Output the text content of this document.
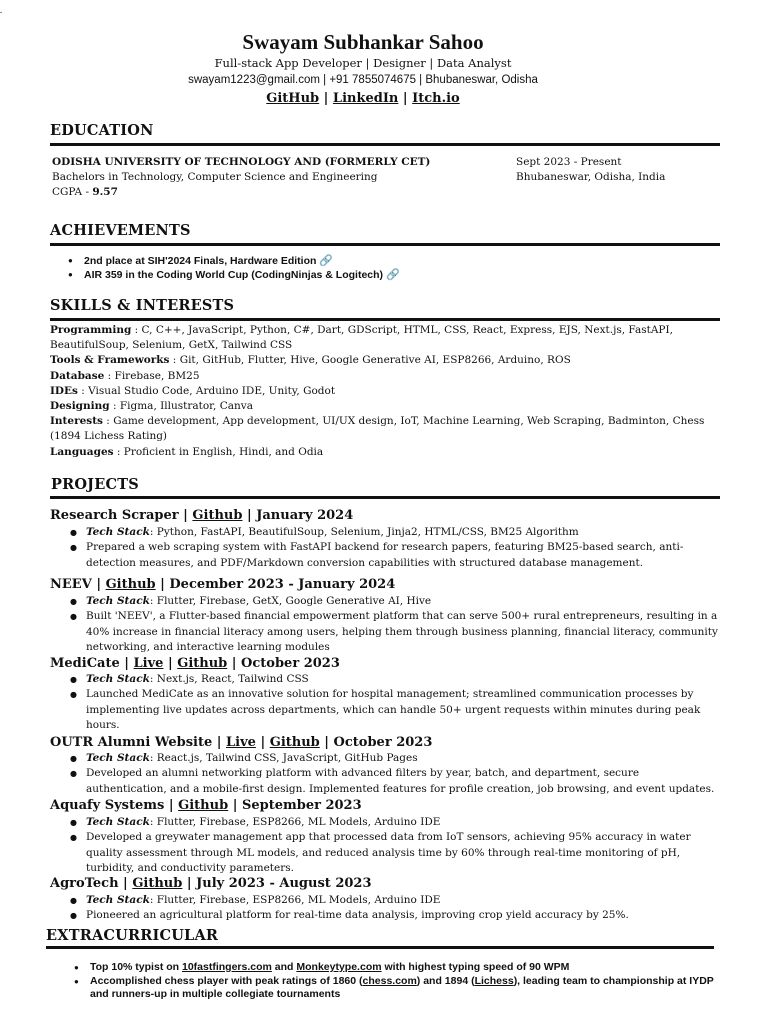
Swayam Subhankar Sahoo
Full-stack App Developer | Designer | Data Analyst
swayam1223@gmail.com | +91 7855074675 | Bhubaneswar, Odisha
GitHub | LinkedIn | Itch.io
EDUCATION
ODISHA UNIVERSITY OF TECHNOLOGY AND (FORMERLY CET)
Bachelors in Technology, Computer Science and Engineering
CGPA - 9.57
Sept 2023 - Present
Bhubaneswar, Odisha, India
ACHIEVEMENTS
● 2nd place at SIH'2024 Finals, Hardware Edition 🔗
● AIR 359 in the Coding World Cup (CodingNinjas & Logitech) 🔗
SKILLS & INTERESTS
Programming : C, C++, JavaScript, Python, C#, Dart, GDScript, HTML, CSS, React, Express, EJS, Next.js, FastAPI, BeautifulSoup, Selenium, GetX, Tailwind CSS
Tools & Frameworks : Git, GitHub, Flutter, Hive, Google Generative AI, ESP8266, Arduino, ROS
Database : Firebase, BM25
IDEs : Visual Studio Code, Arduino IDE, Unity, Godot
Designing : Figma, Illustrator, Canva
Interests : Game development, App development, UI/UX design, IoT, Machine Learning, Web Scraping, Badminton, Chess (1894 Lichess Rating)
Languages : Proficient in English, Hindi, and Odia
PROJECTS
Research Scraper | Github | January 2024
● Tech Stack: Python, FastAPI, BeautifulSoup, Selenium, Jinja2, HTML/CSS, BM25 Algorithm
● Prepared a web scraping system with FastAPI backend for research papers, featuring BM25-based search, anti-detection measures, and PDF/Markdown conversion capabilities with structured database management.
NEEV | Github | December 2023 - January 2024
● Tech Stack: Flutter, Firebase, GetX, Google Generative AI, Hive
● Built 'NEEV', a Flutter-based financial empowerment platform that can serve 500+ rural entrepreneurs, resulting in a 40% increase in financial literacy among users, helping them through business planning, financial literacy, community networking, and interactive learning modules
MediCate | Live | Github | October 2023
● Tech Stack: Next.js, React, Tailwind CSS
● Launched MediCate as an innovative solution for hospital management; streamlined communication processes by implementing live updates across departments, which can handle 50+ urgent requests within minutes during peak hours.
OUTR Alumni Website | Live | Github | October 2023
● Tech Stack: React.js, Tailwind CSS, JavaScript, GitHub Pages
● Developed an alumni networking platform with advanced filters by year, batch, and department, secure authentication, and a mobile-first design. Implemented features for profile creation, job browsing, and event updates.
Aquafy Systems | Github | September 2023
● Tech Stack: Flutter, Firebase, ESP8266, ML Models, Arduino IDE
● Developed a greywater management app that processed data from IoT sensors, achieving 95% accuracy in water quality assessment through ML models, and reduced analysis time by 60% through real-time monitoring of pH, turbidity, and conductivity parameters.
AgroTech | Github | July 2023 - August 2023
● Tech Stack: Flutter, Firebase, ESP8266, ML Models, Arduino IDE
● Pioneered an agricultural platform for real-time data analysis, improving crop yield accuracy by 25%.
EXTRACURRICULAR
● Top 10% typist on 10fastfingers.com and Monkeytype.com with highest typing speed of 90 WPM
● Accomplished chess player with peak ratings of 1860 (chess.com) and 1894 (Lichess), leading team to championship at IYDP and runners-up in multiple collegiate tournaments
